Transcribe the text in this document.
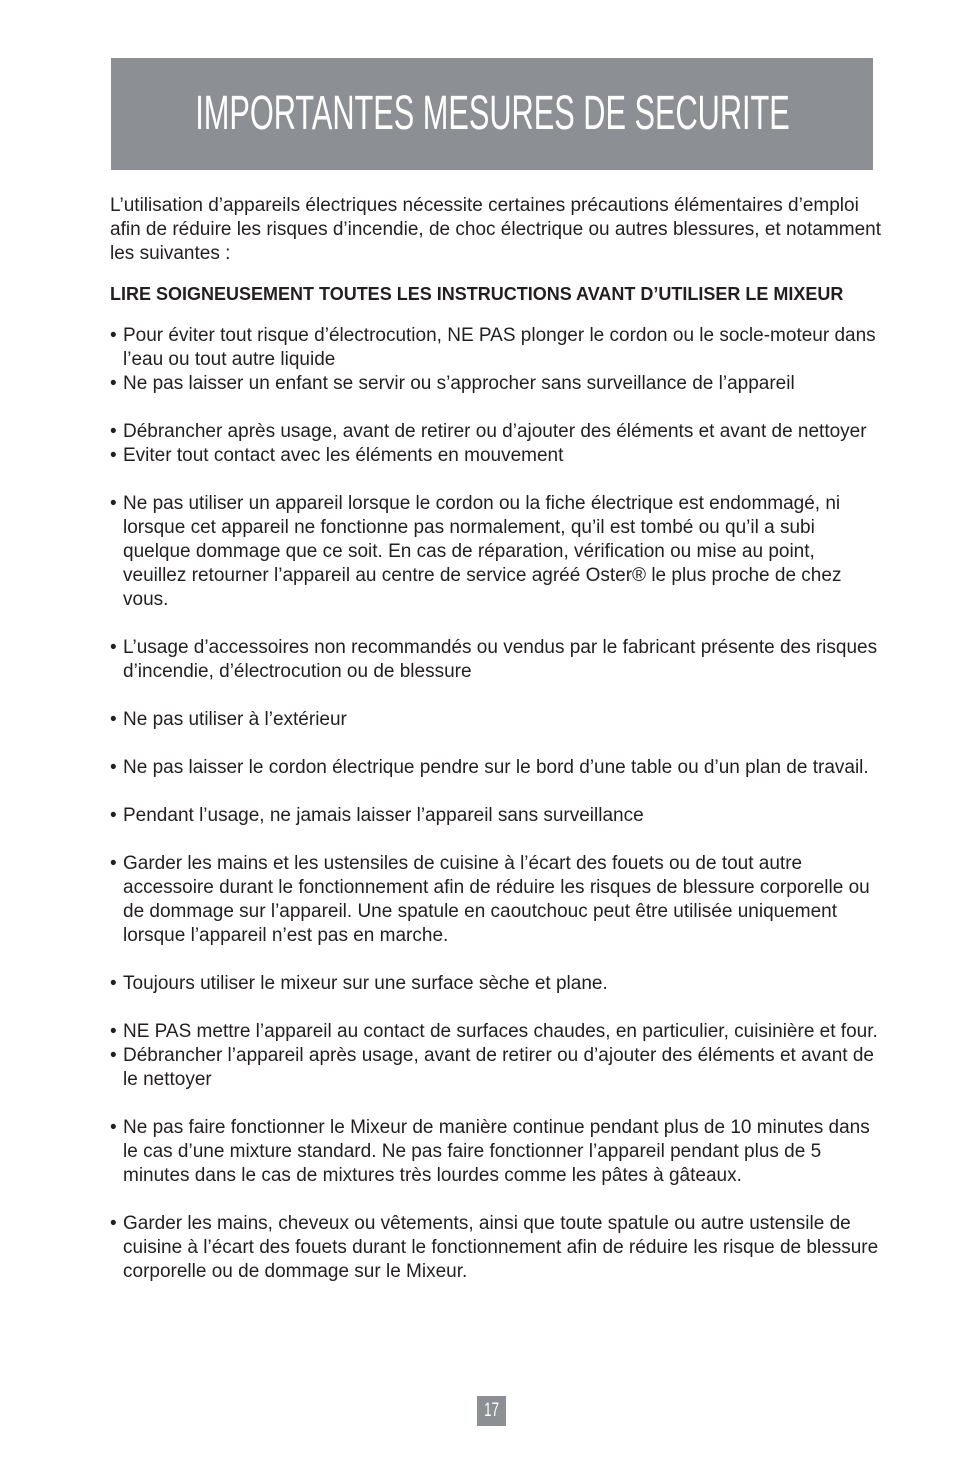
IMPORTANTES MESURES DE SECURITE

L’utilisation d’appareils électriques nécessite certaines précautions élémentaires d’emploi afin de réduire les risques d’incendie, de choc électrique ou autres blessures, et notamment les suivantes :

LIRE SOIGNEUSEMENT TOUTES LES INSTRUCTIONS AVANT D’UTILISER LE MIXEUR

• Pour éviter tout risque d’électrocution, NE PAS plonger le cordon ou le socle-moteur dans l’eau ou tout autre liquide
• Ne pas laisser un enfant se servir ou s’approcher sans surveillance de l’appareil
• Débrancher après usage, avant de retirer ou d’ajouter des éléments et avant de nettoyer
• Eviter tout contact avec les éléments en mouvement
• Ne pas utiliser un appareil lorsque le cordon ou la fiche électrique est endommagé, ni lorsque cet appareil ne fonctionne pas normalement, qu’il est tombé ou qu’il a subi quelque dommage que ce soit. En cas de réparation, vérification ou mise au point, veuillez retourner l’appareil au centre de service agréé Oster® le plus proche de chez vous.
• L’usage d’accessoires non recommandés ou vendus par le fabricant présente des risques d’incendie, d’électrocution ou de blessure
• Ne pas utiliser à l’extérieur
• Ne pas laisser le cordon électrique pendre sur le bord d’une table ou d’un plan de travail.
• Pendant l’usage, ne jamais laisser l’appareil sans surveillance
• Garder les mains et les ustensiles de cuisine à l’écart des fouets ou de tout autre accessoire durant le fonctionnement afin de réduire les risques de blessure corporelle ou de dommage sur l’appareil. Une spatule en caoutchouc peut être utilisée uniquement lorsque l’appareil n’est pas en marche.
• Toujours utiliser le mixeur sur une surface sèche et plane.
• NE PAS mettre l’appareil au contact de surfaces chaudes, en particulier, cuisinière et four.
• Débrancher l’appareil après usage, avant de retirer ou d’ajouter des éléments et avant de le nettoyer
• Ne pas faire fonctionner le Mixeur de manière continue pendant plus de 10 minutes dans le cas d’une mixture standard. Ne pas faire fonctionner l’appareil pendant plus de 5 minutes dans le cas de mixtures très lourdes comme les pâtes à gâteaux.
• Garder les mains, cheveux ou vêtements, ainsi que toute spatule ou autre ustensile de cuisine à l’écart des fouets durant le fonctionnement afin de réduire les risque de blessure corporelle ou de dommage sur le Mixeur.
17
